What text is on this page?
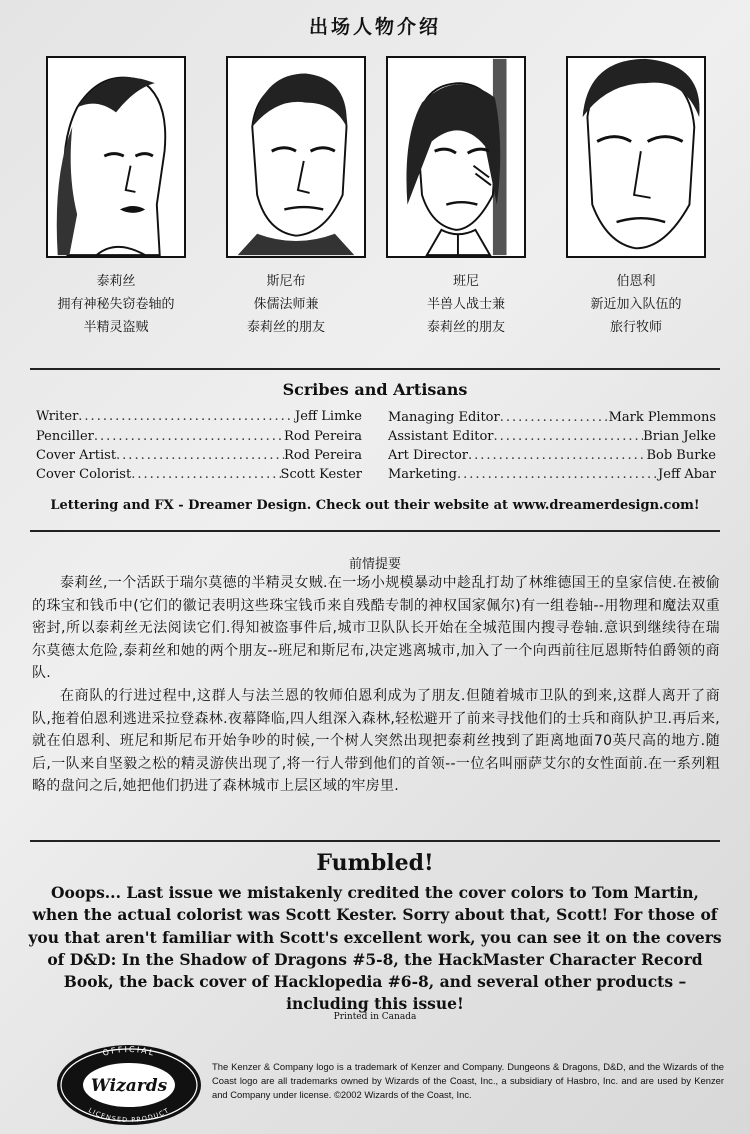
出场人物介绍
泰莉丝
拥有神秘失窃卷轴的
半精灵盗贼
斯尼布
侏儒法师兼
泰莉丝的朋友
班尼
半兽人战士兼
泰莉丝的朋友
伯恩利
新近加入队伍的
旅行牧师
Scribes and Artisans
Writer .....	Jeff Limke
Penciller .....	Rod Pereira
Cover Artist .....	Rod Pereira
Cover Colorist .....	Scott Kester
Managing Editor .....	Mark Plemmons
Assistant Editor .....	Brian Jelke
Art Director .....	Bob Burke
Marketing .....	Jeff Abar
Lettering and FX - Dreamer Design. Check out their website at www.dreamerdesign.com!
前情提要

泰莉丝,一个活跃于瑞尔莫德的半精灵女贼.在一场小规模暴动中趁乱打劫了林维德国王的皇家信使.在被偷的珠宝和钱币中(它们的徽记表明这些珠宝钱币来自残酷专制的神权国家佩尔)有一组卷轴--用物理和魔法双重密封,所以泰莉丝无法阅读它们.得知被盗事件后,城市卫队队长开始在全城范围内搜寻卷轴.意识到继续待在瑞尔莫德太危险,泰莉丝和她的两个朋友--班尼和斯尼布,决定逃离城市,加入了一个向西前往厄恩斯特伯爵领的商队.

在商队的行进过程中,这群人与法兰恩的牧师伯恩利成为了朋友.但随着城市卫队的到来,这群人离开了商队,拖着伯恩利逃进采拉登森林.夜幕降临,四人组深入森林,轻松避开了前来寻找他们的士兵和商队护卫.再后来,就在伯恩利、班尼和斯尼布开始争吵的时候,一个树人突然出现把泰莉丝拽到了距离地面70英尺高的地方.随后,一队来自坚毅之松的精灵游侠出现了,将一行人带到他们的首领--一位名叫丽萨艾尔的女性面前.在一系列粗略的盘问之后,她把他们扔进了森林城市上层区域的牢房里.

Fumbled!
Ooops... Last issue we mistakenly credited the cover colors to Tom Martin, when the actual colorist was Scott Kester. Sorry about that, Scott! For those of you that aren't familiar with Scott's excellent work, you can see it on the covers of D&D: In the Shadow of Dragons #5-8, the HackMaster Character Record Book, the back cover of Hacklopedia #6-8, and several other products – including this issue!
Printed in Canada
OFFICIAL
LICENSED PRODUCT
Wizards
The Kenzer & Company logo is a trademark of Kenzer and Company. Dungeons & Dragons, D&D, and the Wizards of the Coast logo are all trademarks owned by Wizards of the Coast, Inc., a subsidiary of Hasbro, Inc. and are used by Kenzer and Company under license. ©2002 Wizards of the Coast, Inc.
